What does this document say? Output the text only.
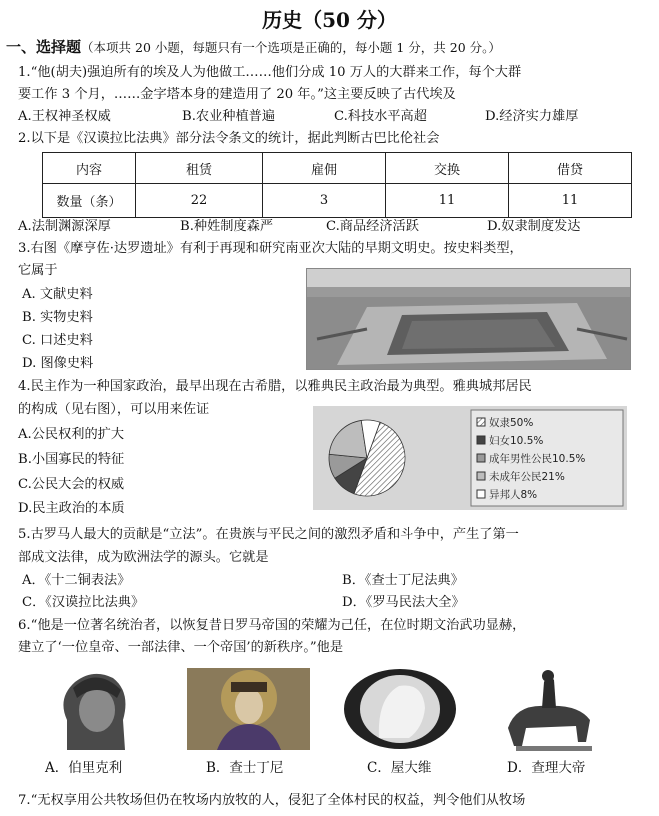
历史（50 分）
一、选择题（本项共 20 小题，每题只有一个选项是正确的，每小题 1 分，共 20 分。）
1.“他(胡夫)强迫所有的埃及人为他做工……他们分成 10 万人的大群来工作，每个大群
要工作 3 个月，……金字塔本身的建造用了 20 年。”这主要反映了古代埃及
A.王权神圣权威	B.农业种植普遍	C.科技水平高超	D.经济实力雄厚
2.以下是《汉谟拉比法典》部分法令条文的统计，据此判断古巴比伦社会
内容	租赁	雇佣	交换	借贷
数量（条）	22	3	11	11
A.法制渊源深厚	B.种姓制度森严	C.商品经济活跃	D.奴隶制度发达
3.右图《摩亨佐·达罗遗址》有利于再现和研究南亚次大陆的早期文明史。按史料类型，
它属于
A. 文献史料
B. 实物史料
C. 口述史料
D. 图像史料
4.民主作为一种国家政治，最早出现在古希腊，以雅典民主政治最为典型。雅典城邦居民
的构成（见右图），可以用来佐证
A.公民权利的扩大
B.小国寡民的特征
C.公民大会的权威
D.民主政治的本质
奴隶50%
妇女10.5%
成年男性公民10.5%
未成年公民21%
异邦人8%
5.古罗马人最大的贡献是“立法”。在贵族与平民之间的激烈矛盾和斗争中，产生了第一
部成文法律，成为欧洲法学的源头。它就是
A．《十二铜表法》	B．《查士丁尼法典》
C．《汉谟拉比法典》	D．《罗马民法大全》
6.“他是一位著名统治者，以恢复昔日罗马帝国的荣耀为己任，在位时期文治武功显赫，
建立了‘一位皇帝、一部法律、一个帝国’的新秩序。”他是
A．伯里克利	B．查士丁尼	C．屋大维	D．查理大帝
7.“无权享用公共牧场但仍在牧场内放牧的人，侵犯了全体村民的权益，判令他们从牧场
